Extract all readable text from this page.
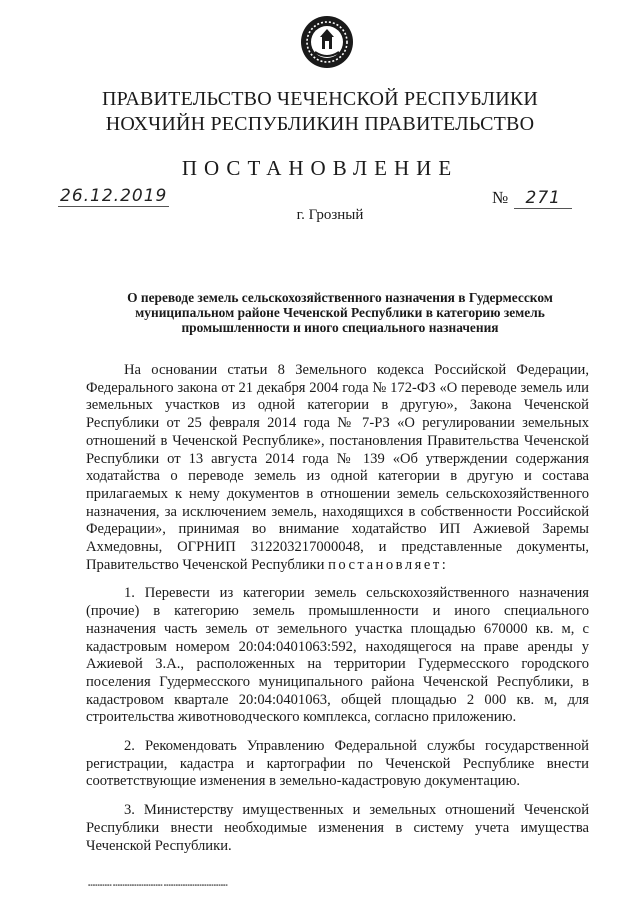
ПРАВИТЕЛЬСТВО ЧЕЧЕНСКОЙ РЕСПУБЛИКИ
НОХЧИЙН РЕСПУБЛИКИН ПРАВИТЕЛЬСТВО
ПОСТАНОВЛЕНИЕ
26.12.2019	№ 271
г. Грозный
О переводе земель сельскохозяйственного назначения в Гудермесском муниципальном районе Чеченской Республики в категорию земель промышленности и иного специального назначения

На основании статьи 8 Земельного кодекса Российской Федерации, Федерального закона от 21 декабря 2004 года № 172-ФЗ «О переводе земель или земельных участков из одной категории в другую», Закона Чеченской Республики от 25 февраля 2014 года № 7-РЗ «О регулировании земельных отношений в Чеченской Республике», постановления Правительства Чеченской Республики от 13 августа 2014 года № 139 «Об утверждении содержания ходатайства о переводе земель из одной категории в другую и состава прилагаемых к нему документов в отношении земель сельскохозяйственного назначения, за исключением земель, находящихся в собственности Российской Федерации», принимая во внимание ходатайство ИП Ажиевой Заремы Ахмедовны, ОГРНИП 312203217000048, и представленные документы, Правительство Чеченской Республики постановляет:

1. Перевести из категории земель сельскохозяйственного назначения (прочие) в категорию земель промышленности и иного специального назначения часть земель от земельного участка площадью 670000 кв. м, с кадастровым номером 20:04:0401063:592, находящегося на праве аренды у Ажиевой З.А., расположенных на территории Гудермесского городского поселения Гудермесского муниципального района Чеченской Республики, в кадастровом квартале 20:04:0401063, общей площадью 2 000 кв. м, для строительства животноводческого комплекса, согласно приложению.

2. Рекомендовать Управлению Федеральной службы государственной регистрации, кадастра и картографии по Чеченской Республике внести соответствующие изменения в земельно-кадастровую документацию.

3. Министерству имущественных и земельных отношений Чеченской Республики внести необходимые изменения в систему учета имущества Чеченской Республики.

▪▪▪▪▪▪▪▪▪▪ ▪▪▪▪▪▪▪▪▪▪▪▪▪▪▪▪▪▪▪▪▪ ▪▪▪▪▪▪▪▪▪▪▪▪▪▪▪▪▪▪▪▪▪▪▪▪▪▪▪
